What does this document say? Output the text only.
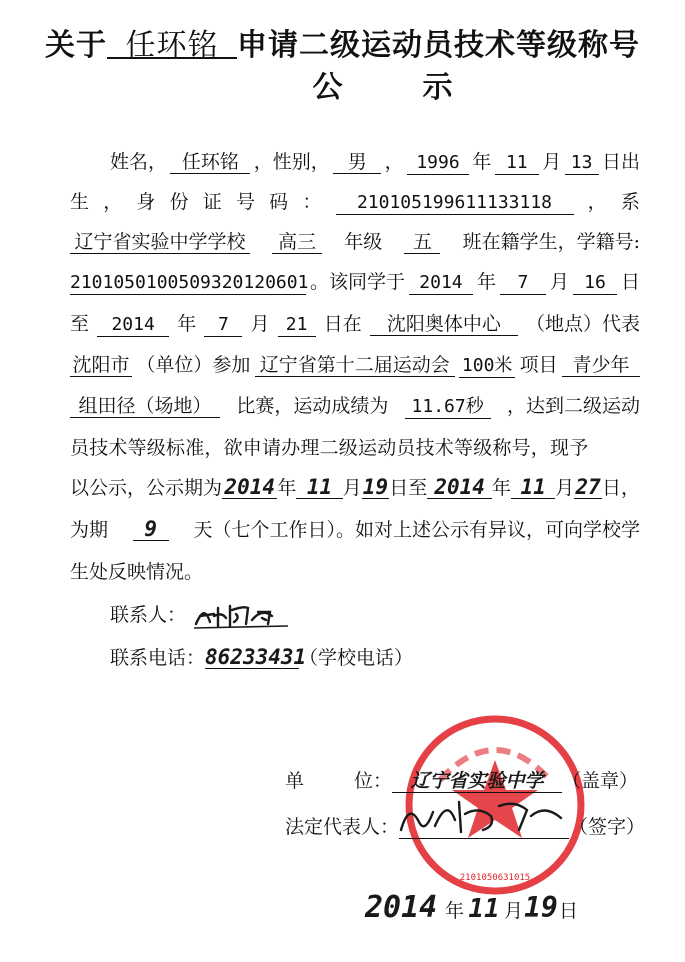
关于 任环铭 申请二级运动员技术等级称号
公示
姓名， 任环铭 ，性别， 男 ， 1996 年 11 月 13 日出
生 ， 身 份 证 号 码 ：	210105199611133118	， 系
辽宁省实验中学学校	高三	年级	五	班在籍学生，学籍号:
21010501005093201206​01 。该同学于 2014 年	7	月 16 日
至	2014	年	7	月 21 日在	沈阳奥体中心	（地点）代表
沈阳市 （单位）参加 辽宁省第十二届运动会 100米 项目 青少年
组田径（场地）	比赛，运动成绩为	11.67秒	，达到二级运动
员技术等级标准，欲申请办理二级运动员技术等级称号，现予
以公示，公示期为 2014 年 11 月 19 日至 2014 年 11 月 27 日，
为期	9	天（七个工作日）。如对上述公示有异议，可向学校学
生处反映情况。
联系人：
联系电话：86233431（学校电话）
2101050631015
单	位： 辽宁省实验中学 （盖章）
法定代表人：	（签字）
2014 年 11 月19日
